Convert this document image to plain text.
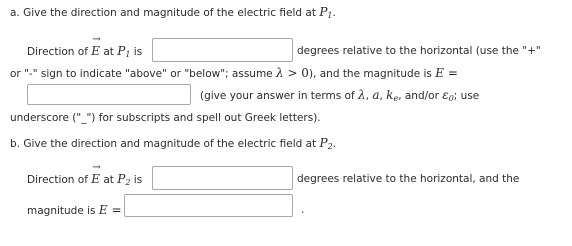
a. Give the direction and magnitude of the electric field at $P_1$.
Direction of E
→
at $P_1$ is	degrees relative to the horizontal (use the "+"
or "-" sign to indicate "above" or "below"; assume λ > 0), and the magnitude is E =
(give your answer in terms of λ, a, $k_e$, and/or $\varepsilon_0$; use
underscore ("_") for subscripts and spell out Greek letters).
b. Give the direction and magnitude of the electric field at $P_2$.
Direction of E
→
at $P_2$ is	degrees relative to the horizontal, and the
magnitude is E =	.
